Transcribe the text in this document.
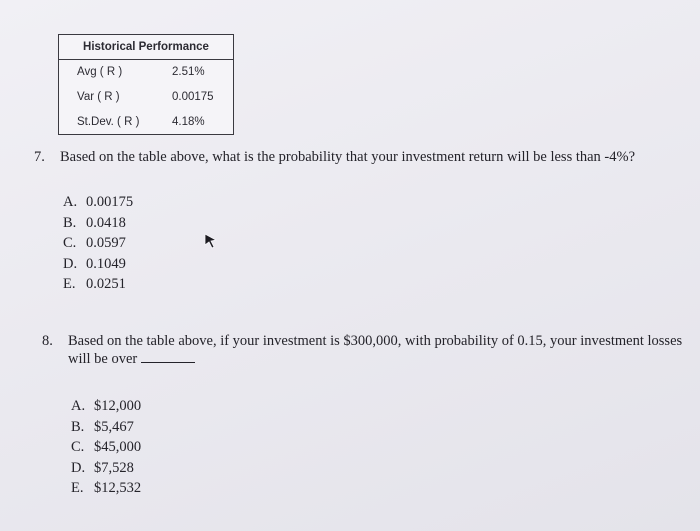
Historical Performance
Avg ( R )	2.51%
Var ( R )	0.00175
St.Dev. ( R )	4.18%
7. Based on the table above, what is the probability that your investment return will be less than -4%?
A. 0.00175
B. 0.0418
C. 0.0597
D. 0.1049
E. 0.0251
8. Based on the table above, if your investment is $300,000, with probability of 0.15, your investment losses will be over
A. $12,000
B. $5,467
C. $45,000
D. $7,528
E. $12,532
